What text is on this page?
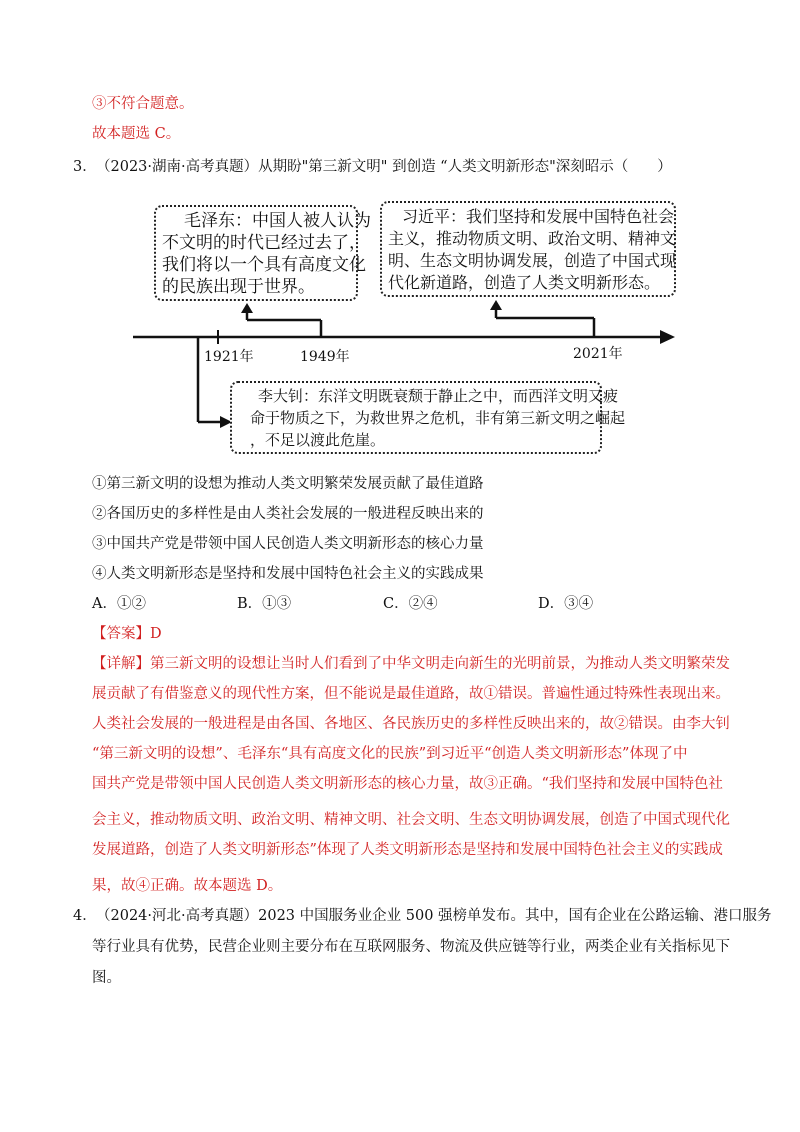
③不符合题意。
故本题选 C。
3． （2023·湖南·高考真题）从期盼"第三新文明" 到创造 “人类文明新形态"深刻昭示（　　）
毛泽东：中国人被人认为
不文明的时代已经过去了，
我们将以一个具有高度文化
的民族出现于世界。
习近平：我们坚持和发展中国特色社会
主义，推动物质文明、政治文明、精神文
明、生态文明协调发展，创造了中国式现
代化新道路，创造了人类文明新形态。
1921年	1949年	2021年
李大钊：东洋文明既衰颓于静止之中，而西洋文明又疲
命于物质之下，为救世界之危机，非有第三新文明之崛起
，不足以渡此危崖。
①第三新文明的设想为推动人类文明繁荣发展贡献了最佳道路
②各国历史的多样性是由人类社会发展的一般进程反映出来的
③中国共产党是带领中国人民创造人类文明新形态的核心力量
④人类文明新形态是坚持和发展中国特色社会主义的实践成果
A．①②	B．①③	C．②④	D．③④
【答案】D
【详解】第三新文明的设想让当时人们看到了中华文明走向新生的光明前景，为推动人类文明繁荣发
展贡献了有借鉴意义的现代性方案，但不能说是最佳道路，故①错误。普遍性通过特殊性表现出来。
人类社会发展的一般进程是由各国、各地区、各民族历史的多样性反映出来的，故②错误。由李大钊
“第三新文明的设想”、毛泽东“具有高度文化的民族”到习近平“创造人类文明新形态”体现了中
国共产党是带领中国人民创造人类文明新形态的核心力量，故③正确。“我们坚持和发展中国特色社
会主义，推动物质文明、政治文明、精神文明、社会文明、生态文明协调发展，创造了中国式现代化
发展道路，创造了人类文明新形态”体现了人类文明新形态是坚持和发展中国特色社会主义的实践成
果，故④正确。故本题选 D。
4． （2024·河北·高考真题）2023 中国服务业企业 500 强榜单发布。其中，国有企业在公路运输、港口服务
等行业具有优势，民营企业则主要分布在互联网服务、物流及供应链等行业，两类企业有关指标见下
图。
